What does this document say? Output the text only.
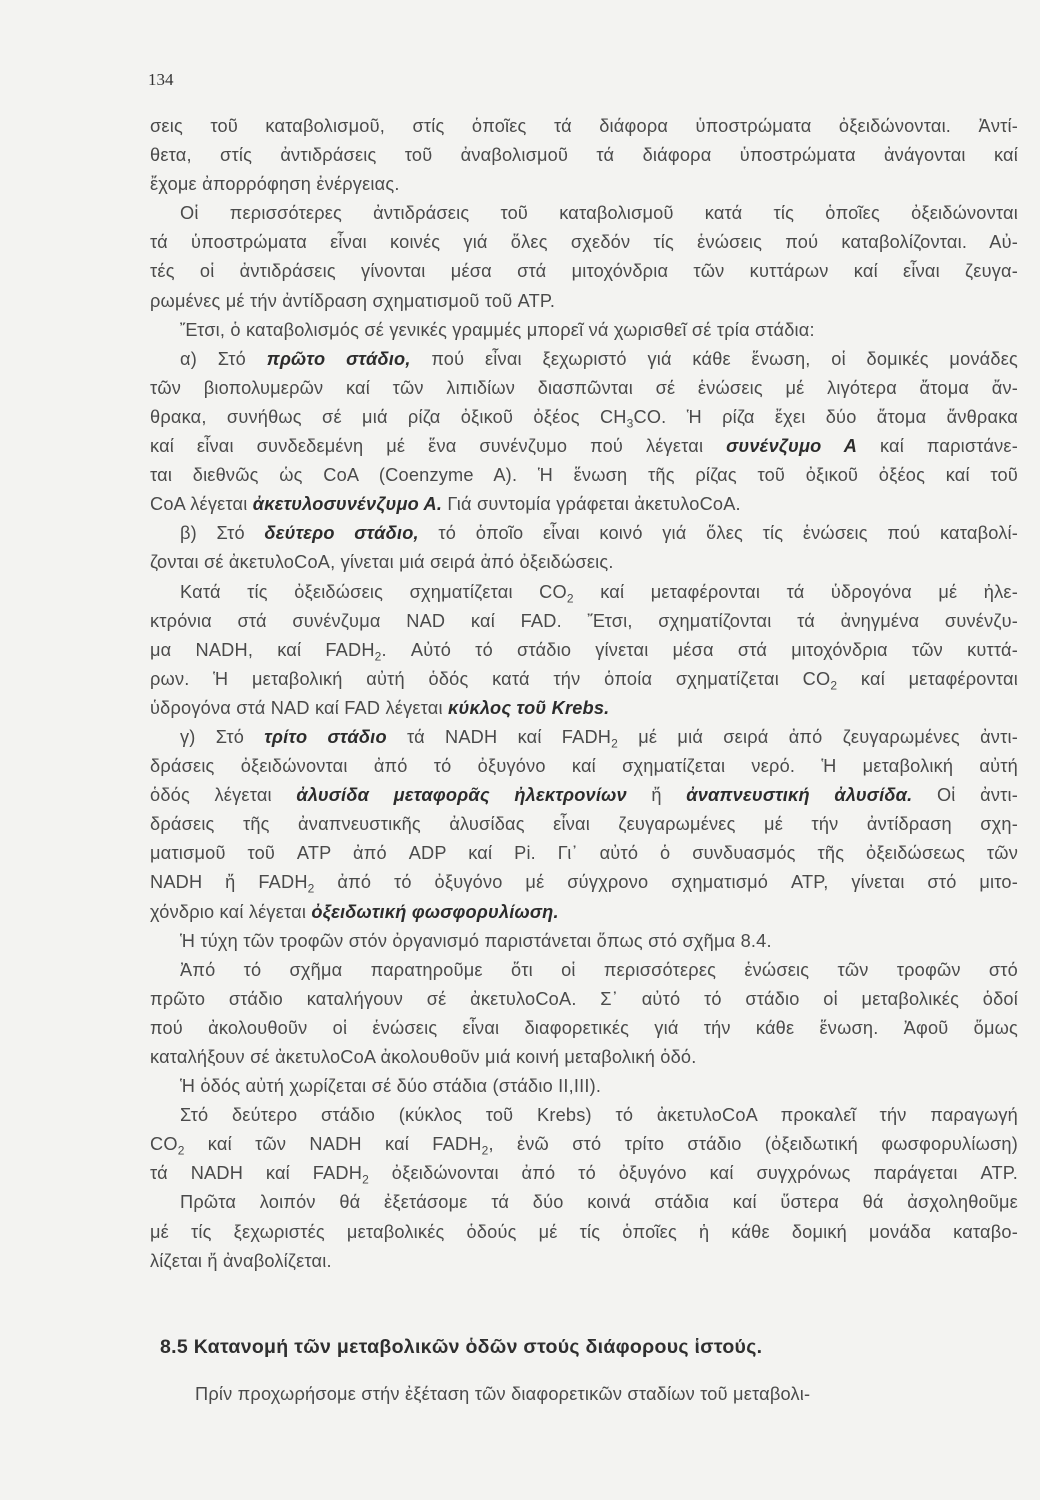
134
σεις τοῦ καταβολισμοῦ, στίς ὁποῖες τά διάφορα ὑποστρώματα ὀξειδώνονται. Ἀντί-
θετα, στίς ἀντιδράσεις τοῦ ἀναβολισμοῦ τά διάφορα ὑποστρώματα ἀνάγονται καί
ἔχομε ἀπορρόφηση ἐνέργειας.
Οἱ περισσότερες ἀντιδράσεις τοῦ καταβολισμοῦ κατά τίς ὁποῖες ὀξειδώνονται
τά ὑποστρώματα εἶναι κοινές γιά ὅλες σχεδόν τίς ἑνώσεις πού καταβολίζονται. Αὐ-
τές οἱ ἀντιδράσεις γίνονται μέσα στά μιτοχόνδρια τῶν κυττάρων καί εἶναι ζευγα-
ρωμένες μέ τήν ἀντίδραση σχηματισμοῦ τοῦ ATP.
Ἔτσι, ὁ καταβολισμός σέ γενικές γραμμές μπορεῖ νά χωρισθεῖ σέ τρία στάδια:
α) Στό πρῶτο στάδιο, πού εἶναι ξεχωριστό γιά κάθε ἕνωση, οἱ δομικές μονάδες
τῶν βιοπολυμερῶν καί τῶν λιπιδίων διασπῶνται σέ ἑνώσεις μέ λιγότερα ἄτομα ἄν-
θρακα, συνήθως σέ μιά ρίζα ὀξικοῦ ὀξέος $CH_3CO$. Ἡ ρίζα ἔχει δύο ἄτομα ἄνθρακα
καί εἶναι συνδεδεμένη μέ ἕνα συνένζυμο πού λέγεται συνένζυμο Α καί παριστάνε-
ται διεθνῶς ὡς CoA (Coenzyme A). Ἡ ἕνωση τῆς ρίζας τοῦ ὀξικοῦ ὀξέος καί τοῦ
CoA λέγεται ἀκετυλοσυνένζυμο Α. Γιά συντομία γράφεται ἀκετυλοCoA.
β) Στό δεύτερο στάδιο, τό ὁποῖο εἶναι κοινό γιά ὅλες τίς ἑνώσεις πού καταβολί-
ζονται σέ ἀκετυλοCoA, γίνεται μιά σειρά ἀπό ὀξειδώσεις.
Κατά τίς ὀξειδώσεις σχηματίζεται $CO_2$ καί μεταφέρονται τά ὑδρογόνα μέ ἠλε-
κτρόνια στά συνένζυμα NAD καί FAD. Ἔτσι, σχηματίζονται τά ἀνηγμένα συνένζυ-
μα NADH, καί $FADH_2$. Αὐτό τό στάδιο γίνεται μέσα στά μιτοχόνδρια τῶν κυττά-
ρων. Ἡ μεταβολική αὐτή ὁδός κατά τήν ὁποία σχηματίζεται $CO_2$ καί μεταφέρονται
ὑδρογόνα στά NAD καί FAD λέγεται κύκλος τοῦ Krebs.
γ) Στό τρίτο στάδιο τά NADH καί $FADH_2$ μέ μιά σειρά ἀπό ζευγαρωμένες ἀντι-
δράσεις ὀξειδώνονται ἀπό τό ὀξυγόνο καί σχηματίζεται νερό. Ἡ μεταβολική αὐτή
ὁδός λέγεται ἀλυσίδα μεταφορᾶς ἠλεκτρονίων ἤ ἀναπνευστική ἀλυσίδα. Οἱ ἀντι-
δράσεις τῆς ἀναπνευστικῆς ἀλυσίδας εἶναι ζευγαρωμένες μέ τήν ἀντίδραση σχη-
ματισμοῦ τοῦ ATP ἀπό ADP καί Pi. Γι᾿ αὐτό ὁ συνδυασμός τῆς ὀξειδώσεως τῶν
NADH ἤ $FADH_2$ ἀπό τό ὀξυγόνο μέ σύγχρονο σχηματισμό ATP, γίνεται στό μιτο-
χόνδριο καί λέγεται ὀξειδωτική φωσφορυλίωση.
Ἡ τύχη τῶν τροφῶν στόν ὀργανισμό παριστάνεται ὅπως στό σχῆμα 8.4.
Ἀπό τό σχῆμα παρατηροῦμε ὅτι οἱ περισσότερες ἑνώσεις τῶν τροφῶν στό
πρῶτο στάδιο καταλήγουν σέ ἀκετυλοCoA. Σ᾿ αὐτό τό στάδιο οἱ μεταβολικές ὁδοί
πού ἀκολουθοῦν οἱ ἑνώσεις εἶναι διαφορετικές γιά τήν κάθε ἕνωση. Ἀφοῦ ὅμως
καταλήξουν σέ ἀκετυλοCoA ἀκολουθοῦν μιά κοινή μεταβολική ὁδό.
Ἡ ὁδός αὐτή χωρίζεται σέ δύο στάδια (στάδιο II,III).
Στό δεύτερο στάδιο (κύκλος τοῦ Krebs) τό ἀκετυλοCoA προκαλεῖ τήν παραγωγή
$CO_2$ καί τῶν NADH καί $FADH_2$, ἐνῶ στό τρίτο στάδιο (ὀξειδωτική φωσφορυλίωση)
τά NADH καί $FADH_2$ ὀξειδώνονται ἀπό τό ὀξυγόνο καί συγχρόνως παράγεται ATP.
Πρῶτα λοιπόν θά ἐξετάσομε τά δύο κοινά στάδια καί ὕστερα θά ἀσχοληθοῦμε
μέ τίς ξεχωριστές μεταβολικές ὁδούς μέ τίς ὁποῖες ἡ κάθε δομική μονάδα καταβο-
λίζεται ἤ ἀναβολίζεται.
8.5 Κατανομή τῶν μεταβολικῶν ὁδῶν στούς διάφορους ἱστούς.
Πρίν προχωρήσομε στήν ἐξέταση τῶν διαφορετικῶν σταδίων τοῦ μεταβολι-
